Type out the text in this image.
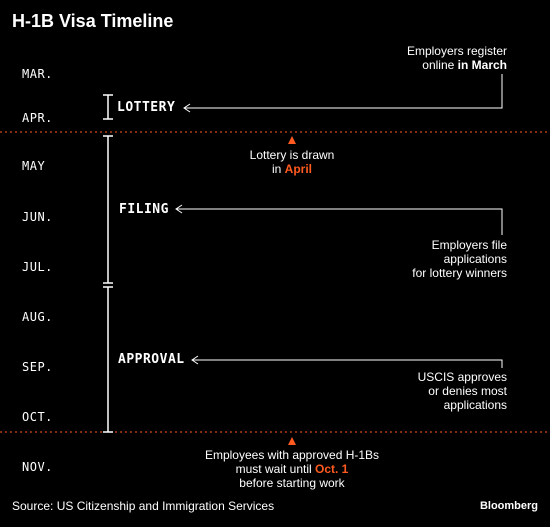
H-1B Visa Timeline
MAR.
APR.
MAY
JUN.
JUL.
AUG.
SEP.
OCT.
NOV.
LOTTERY
FILING
APPROVAL
Employers register
online in March
Lottery is drawn
in April
Employers file
applications
for lottery winners
USCIS approves
or denies most
applications
Employees with approved H-1Bs
must wait until Oct. 1
before starting work
Source: US Citizenship and Immigration Services	Bloomberg
